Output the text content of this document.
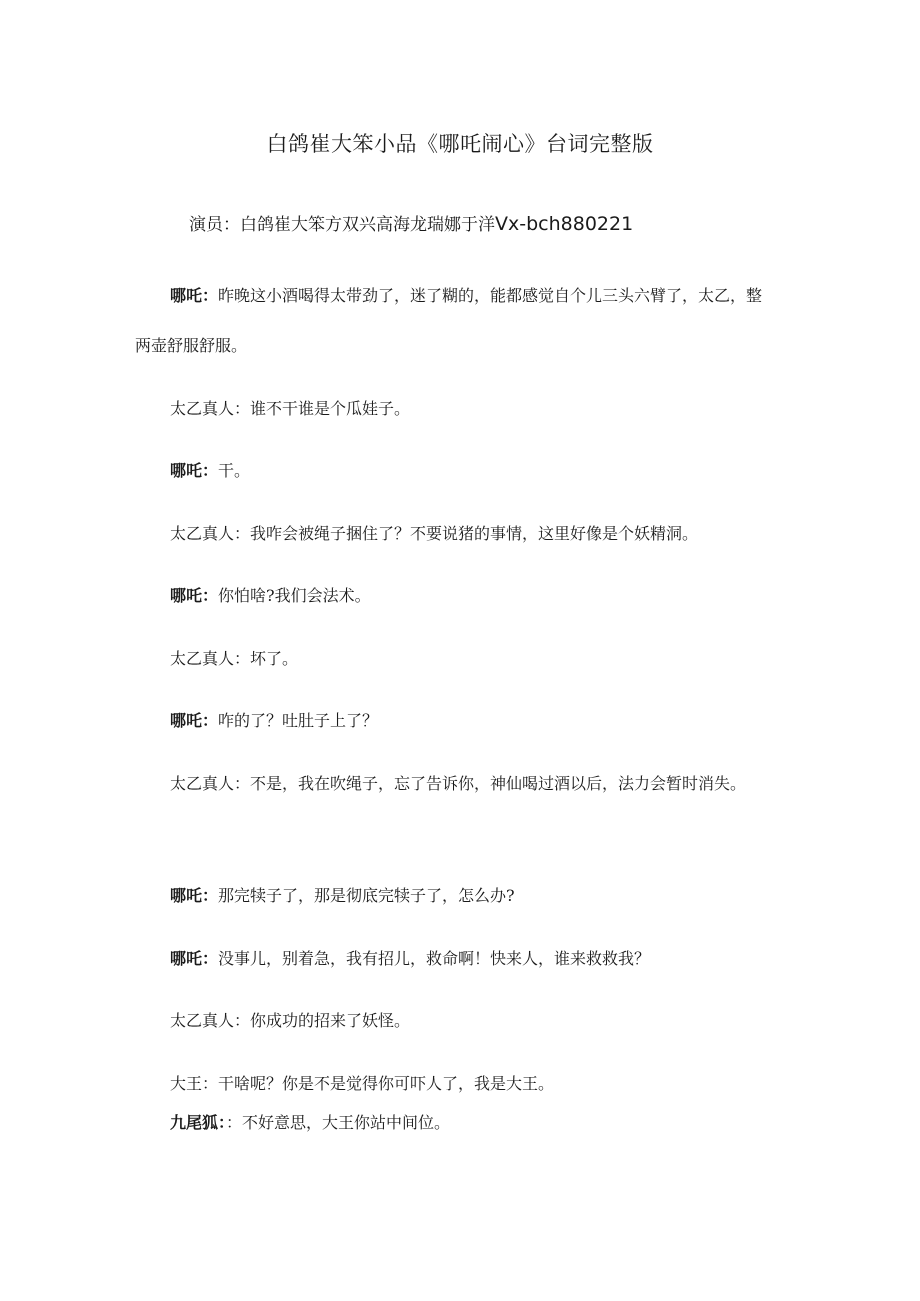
白鸽崔大笨小品《哪吒闹心》台词完整版
演员：白鸽崔大笨方双兴高海龙瑞娜于洋Vx-bch880221
哪吒：昨晚这小酒喝得太带劲了，迷了糊的，能都感觉自个儿三头六臂了，太乙，整两壶舒服舒服。
太乙真人：谁不干谁是个瓜娃子。
哪吒：干。
太乙真人：我咋会被绳子捆住了？不要说猪的事情，这里好像是个妖精洞。
哪吒：你怕啥?我们会法术。
太乙真人：坏了。
哪吒：咋的了？吐肚子上了？
太乙真人：不是，我在吹绳子，忘了告诉你，神仙喝过酒以后，法力会暂时消失。
哪吒：那完犊子了，那是彻底完犊子了，怎么办?
哪吒：没事儿，别着急，我有招儿，救命啊！快来人，谁来救救我？
太乙真人：你成功的招来了妖怪。
大王：干啥呢？你是不是觉得你可吓人了，我是大王。
九尾狐：：不好意思，大王你站中间位。
